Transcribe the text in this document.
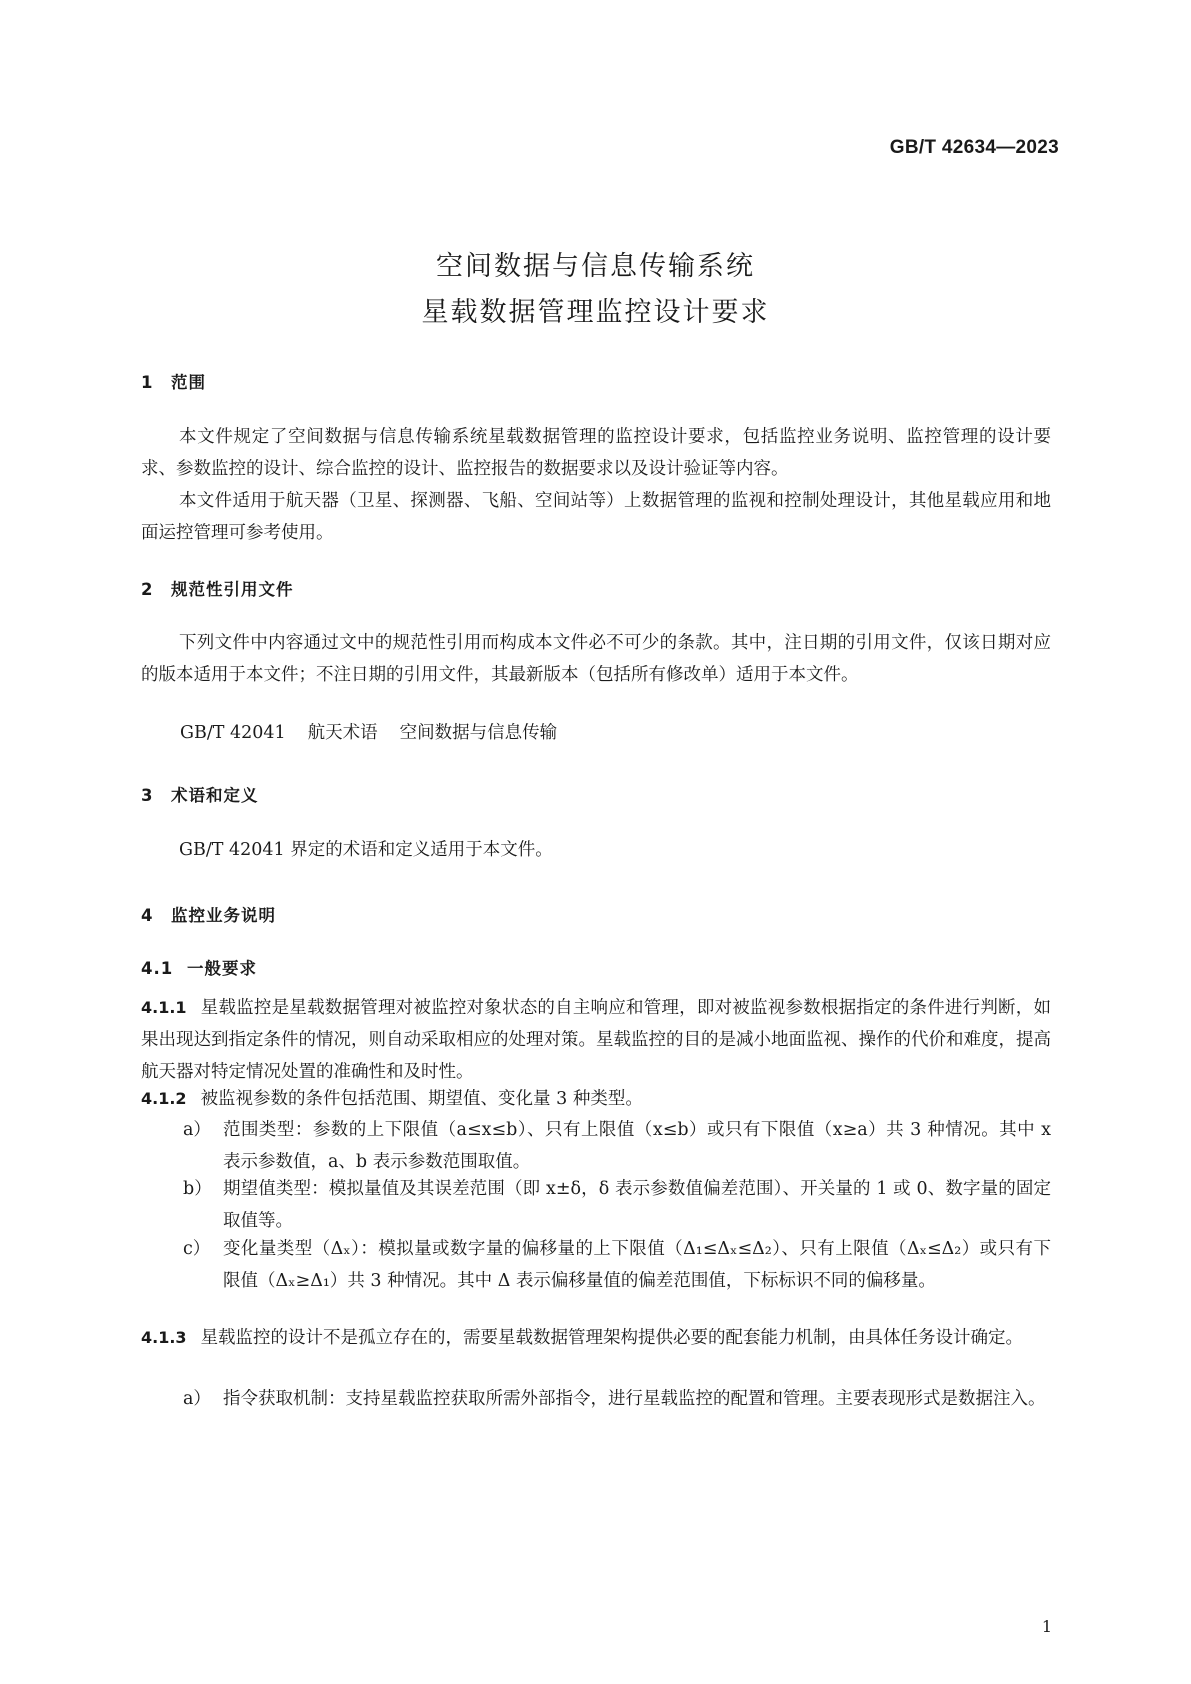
GB/T 42634—2023
空间数据与信息传输系统
星载数据管理监控设计要求
1 范围
本文件规定了空间数据与信息传输系统星载数据管理的监控设计要求，包括监控业务说明、监控管理的设计要求、参数监控的设计、综合监控的设计、监控报告的数据要求以及设计验证等内容。
本文件适用于航天器（卫星、探测器、飞船、空间站等）上数据管理的监视和控制处理设计，其他星载应用和地面运控管理可参考使用。
2 规范性引用文件
下列文件中内容通过文中的规范性引用而构成本文件必不可少的条款。其中，注日期的引用文件，仅该日期对应的版本适用于本文件；不注日期的引用文件，其最新版本（包括所有修改单）适用于本文件。
GB/T 42041 航天术语 空间数据与信息传输
3 术语和定义
GB/T 42041 界定的术语和定义适用于本文件。
4 监控业务说明
4.1 一般要求
4.1.1 星载监控是星载数据管理对被监控对象状态的自主响应和管理，即对被监视参数根据指定的条件进行判断，如果出现达到指定条件的情况，则自动采取相应的处理对策。星载监控的目的是减小地面监视、操作的代价和难度，提高航天器对特定情况处置的准确性和及时性。
4.1.2 被监视参数的条件包括范围、期望值、变化量 3 种类型。
a） 范围类型：参数的上下限值（a≤x≤b）、只有上限值（x≤b）或只有下限值（x≥a）共 3 种情况。其中 x 表示参数值，a、b 表示参数范围取值。
b） 期望值类型：模拟量值及其误差范围（即 x±δ，δ 表示参数值偏差范围）、开关量的 1 或 0、数字量的固定取值等。
c） 变化量类型（Δₓ）：模拟量或数字量的偏移量的上下限值（Δ₁≤Δₓ≤Δ₂）、只有上限值（Δₓ≤Δ₂）或只有下限值（Δₓ≥Δ₁）共 3 种情况。其中 Δ 表示偏移量值的偏差范围值，下标标识不同的偏移量。
4.1.3 星载监控的设计不是孤立存在的，需要星载数据管理架构提供必要的配套能力机制，由具体任务设计确定。
a） 指令获取机制：支持星载监控获取所需外部指令，进行星载监控的配置和管理。主要表现形式是数据注入。
1
